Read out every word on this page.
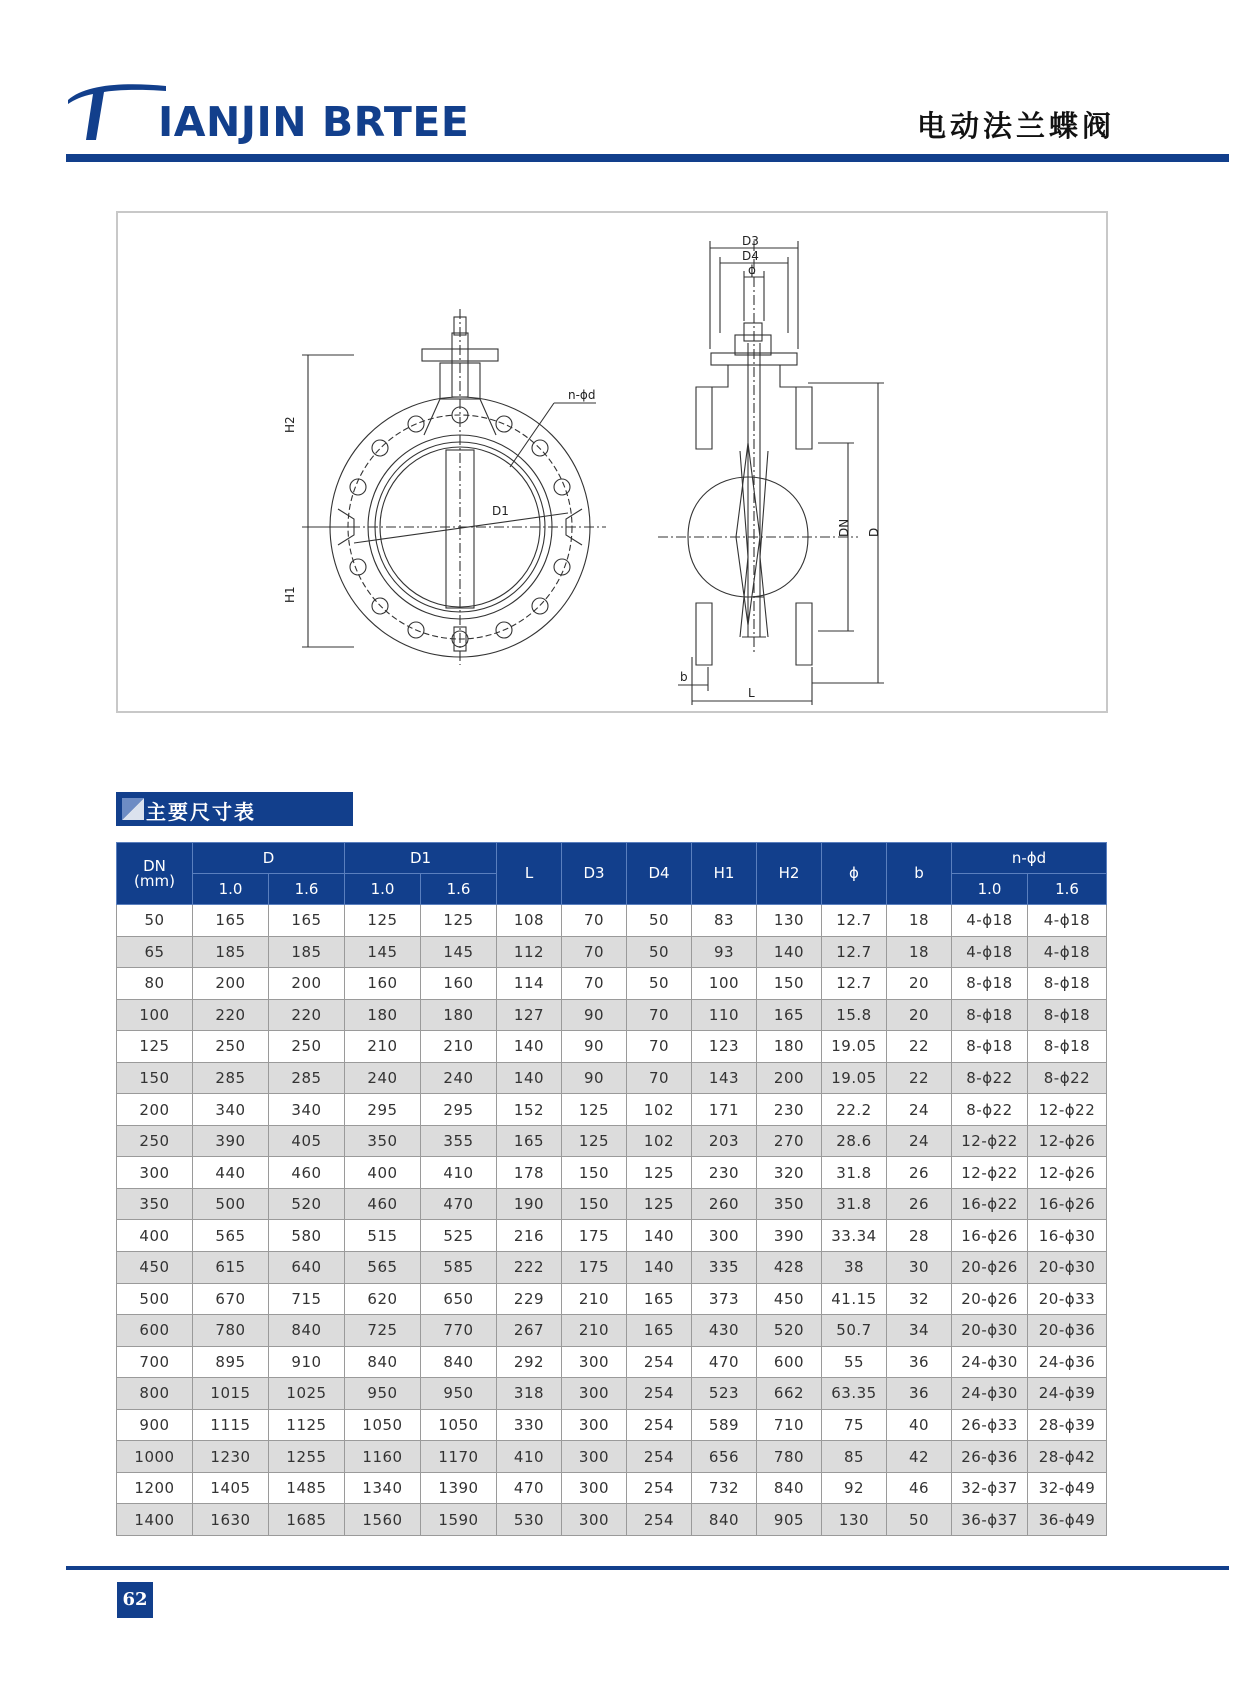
IANJIN BRTEE	电动法兰蝶阀
H2
H1
D1
n-ϕd
D3
D4
ϕ
DN D
b
L
主要尺寸表
DN
(mm)	D		D1		L	D3	D4	H1	H2	ϕ	b	n-ϕd	
	1.0	1.6	1.0	1.6								1.0	1.6
50	165	165	125	125	108	70	50	83	130	12.7	18	4-ϕ18	4-ϕ18
65	185	185	145	145	112	70	50	93	140	12.7	18	4-ϕ18	4-ϕ18
80	200	200	160	160	114	70	50	100	150	12.7	20	8-ϕ18	8-ϕ18
100	220	220	180	180	127	90	70	110	165	15.8	20	8-ϕ18	8-ϕ18
125	250	250	210	210	140	90	70	123	180	19.05	22	8-ϕ18	8-ϕ18
150	285	285	240	240	140	90	70	143	200	19.05	22	8-ϕ22	8-ϕ22
200	340	340	295	295	152	125	102	171	230	22.2	24	8-ϕ22	12-ϕ22
250	390	405	350	355	165	125	102	203	270	28.6	24	12-ϕ22	12-ϕ26
300	440	460	400	410	178	150	125	230	320	31.8	26	12-ϕ22	12-ϕ26
350	500	520	460	470	190	150	125	260	350	31.8	26	16-ϕ22	16-ϕ26
400	565	580	515	525	216	175	140	300	390	33.34	28	16-ϕ26	16-ϕ30
450	615	640	565	585	222	175	140	335	428	38	30	20-ϕ26	20-ϕ30
500	670	715	620	650	229	210	165	373	450	41.15	32	20-ϕ26	20-ϕ33
600	780	840	725	770	267	210	165	430	520	50.7	34	20-ϕ30	20-ϕ36
700	895	910	840	840	292	300	254	470	600	55	36	24-ϕ30	24-ϕ36
800	1015	1025	950	950	318	300	254	523	662	63.35	36	24-ϕ30	24-ϕ39
900	1115	1125	1050	1050	330	300	254	589	710	75	40	26-ϕ33	28-ϕ39
1000	1230	1255	1160	1170	410	300	254	656	780	85	42	26-ϕ36	28-ϕ42
1200	1405	1485	1340	1390	470	300	254	732	840	92	46	32-ϕ37	32-ϕ49
1400	1630	1685	1560	1590	530	300	254	840	905	130	50	36-ϕ37	36-ϕ49
62
